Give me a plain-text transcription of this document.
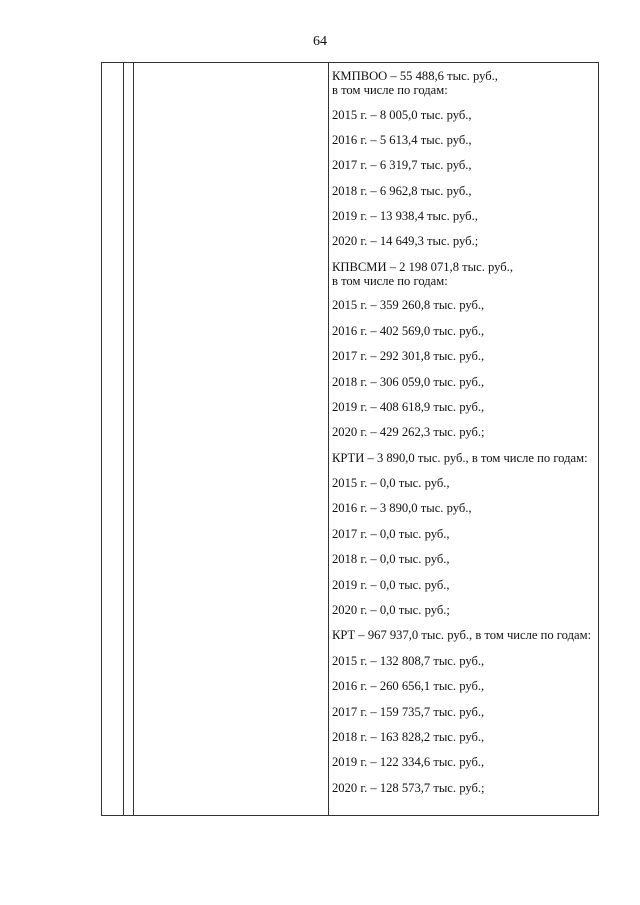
64
КМПВОО – 55 488,6 тыс. руб.,
в том числе по годам:
2015 г. – 8 005,0 тыс. руб.,
2016 г. – 5 613,4 тыс. руб.,
2017 г. – 6 319,7 тыс. руб.,
2018 г. – 6 962,8 тыс. руб.,
2019 г. – 13 938,4 тыс. руб.,
2020 г. – 14 649,3 тыс. руб.;
КПВСМИ – 2 198 071,8 тыс. руб.,
в том числе по годам:
2015 г. – 359 260,8 тыс. руб.,
2016 г. – 402 569,0 тыс. руб.,
2017 г. – 292 301,8 тыс. руб.,
2018 г. – 306 059,0 тыс. руб.,
2019 г. – 408 618,9 тыс. руб.,
2020 г. – 429 262,3 тыс. руб.;
КРТИ – 3 890,0 тыс. руб., в том числе по годам:
2015 г. – 0,0 тыс. руб.,
2016 г. – 3 890,0 тыс. руб.,
2017 г. – 0,0 тыс. руб.,
2018 г. – 0,0 тыс. руб.,
2019 г. – 0,0 тыс. руб.,
2020 г. – 0,0 тыс. руб.;
КРТ – 967 937,0 тыс. руб., в том числе по годам:
2015 г. – 132 808,7 тыс. руб.,
2016 г. – 260 656,1 тыс. руб.,
2017 г. – 159 735,7 тыс. руб.,
2018 г. – 163 828,2 тыс. руб.,
2019 г. – 122 334,6 тыс. руб.,
2020 г. – 128 573,7 тыс. руб.;
